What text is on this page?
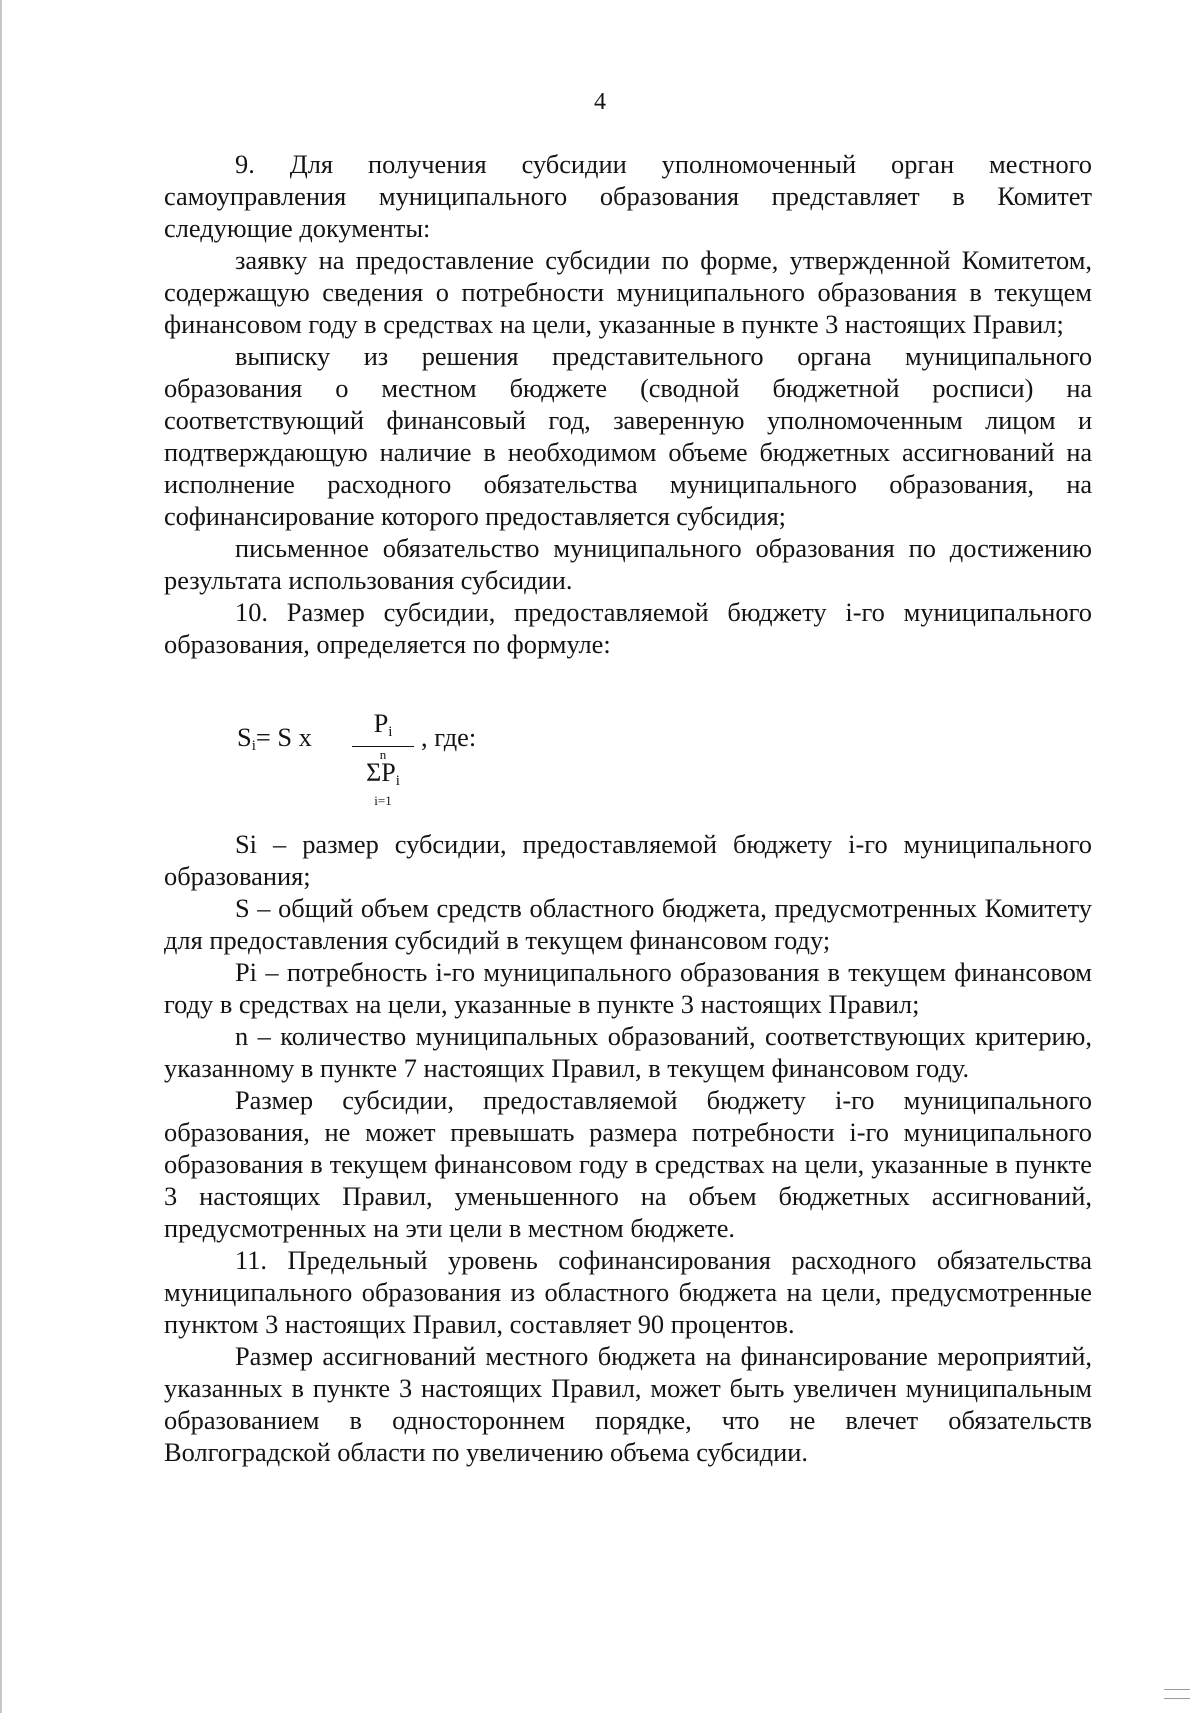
4

9. Для получения субсидии уполномоченный орган местного самоуправления муниципального образования представляет в Комитет следующие документы:

заявку на предоставление субсидии по форме, утвержденной Комитетом, содержащую сведения о потребности муниципального образования в текущем финансовом году в средствах на цели, указанные в пункте 3 настоящих Правил;

выписку из решения представительного органа муниципального образования о местном бюджете (сводной бюджетной росписи) на соответствующий финансовый год, заверенную уполномоченным лицом и подтверждающую наличие в необходимом объеме бюджетных ассигнований на исполнение расходного обязательства муниципального образования, на софинансирование которого предоставляется субсидия;

письменное обязательство муниципального образования по достижению результата использования субсидии.

10. Размер субсидии, предоставляемой бюджету i-го муниципального образования, определяется по формуле:

$S_i= S$ x	$P_i$
n
$\Sigma P_i$
i=1
, где:

Si – размер субсидии, предоставляемой бюджету i-го муниципального образования;

S – общий объем средств областного бюджета, предусмотренных Комитету для предоставления субсидий в текущем финансовом году;

Pi – потребность i-го муниципального образования в текущем финансовом году в средствах на цели, указанные в пункте 3 настоящих Правил;

n – количество муниципальных образований, соответствующих критерию, указанному в пункте 7 настоящих Правил, в текущем финансовом году.

Размер субсидии, предоставляемой бюджету i-го муниципального образования, не может превышать размера потребности i-го муниципального образования в текущем финансовом году в средствах на цели, указанные в пункте 3 настоящих Правил, уменьшенного на объем бюджетных ассигнований, предусмотренных на эти цели в местном бюджете.

11. Предельный уровень софинансирования расходного обязательства муниципального образования из областного бюджета на цели, предусмотренные пунктом 3 настоящих Правил, составляет 90 процентов.

Размер ассигнований местного бюджета на финансирование мероприятий, указанных в пункте 3 настоящих Правил, может быть увеличен муниципальным образованием в одностороннем порядке, что не влечет обязательств Волгоградской области по увеличению объема субсидии.
